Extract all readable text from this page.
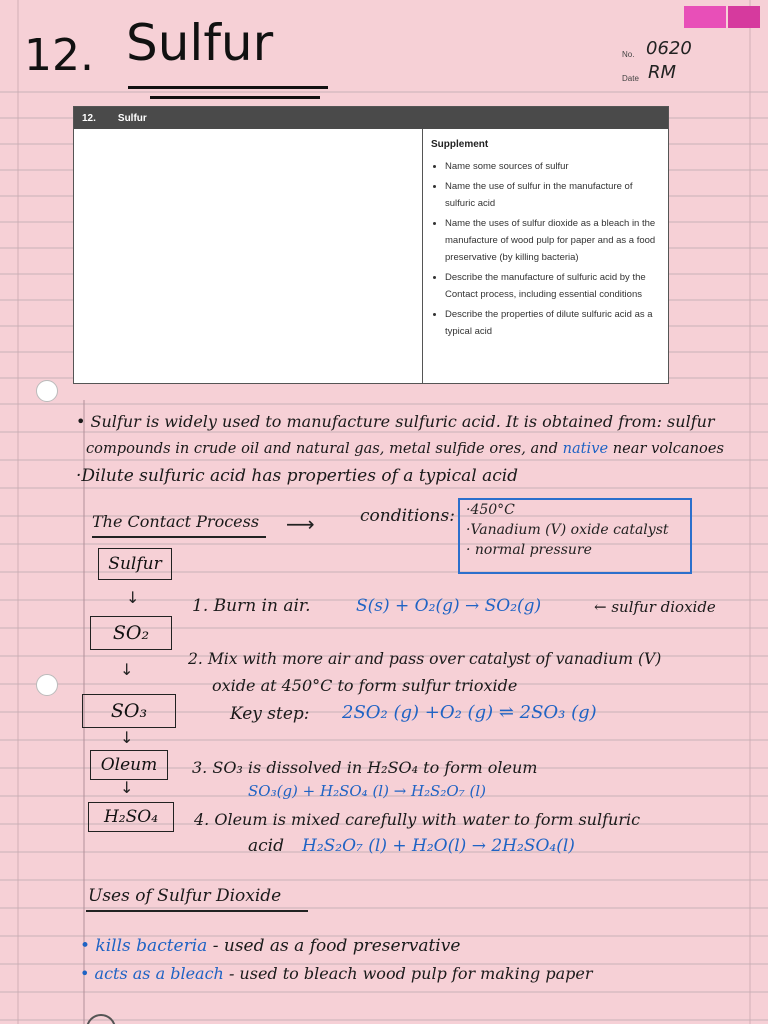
12. Sulfur	No. 0620
Date RM
12. Sulfur
Supplement
• Name some sources of sulfur
• Name the use of sulfur in the manufacture of sulfuric acid
• Name the uses of sulfur dioxide as a bleach in the manufacture of wood pulp for paper and as a food preservative (by killing bacteria)
• Describe the manufacture of sulfuric acid by the Contact process, including essential conditions
• Describe the properties of dilute sulfuric acid as a typical acid
• Sulfur is widely used to manufacture sulfuric acid. It is obtained from: sulfur
compounds in crude oil and natural gas, metal sulfide ores, and native near volcanoes
·Dilute sulfuric acid has properties of a typical acid
The Contact Process ⟶	conditions: ·450°C
·Vanadium (V) oxide catalyst
· normal pressure
Sulfur
↓
SO₂
↓
SO₃
↓
Oleum
↓
H₂SO₄
1. Burn in air.	S(s) + O₂(g) → SO₂(g)	← sulfur dioxide
2. Mix with more air and pass over catalyst of vanadium (V)
oxide at 450°C to form sulfur trioxide
Key step: 2SO₂ (g) +O₂ (g) ⇌ 2SO₃ (g)
3. SO₃ is dissolved in H₂SO₄ to form oleum
SO₃(g) + H₂SO₄ (l) → H₂S₂O₇ (l)
4. Oleum is mixed carefully with water to form sulfuric
acid H₂S₂O₇ (l) + H₂O(l) → 2H₂SO₄(l)
Uses of Sulfur Dioxide
• kills bacteria - used as a food preservative
• acts as a bleach - used to bleach wood pulp for making paper
